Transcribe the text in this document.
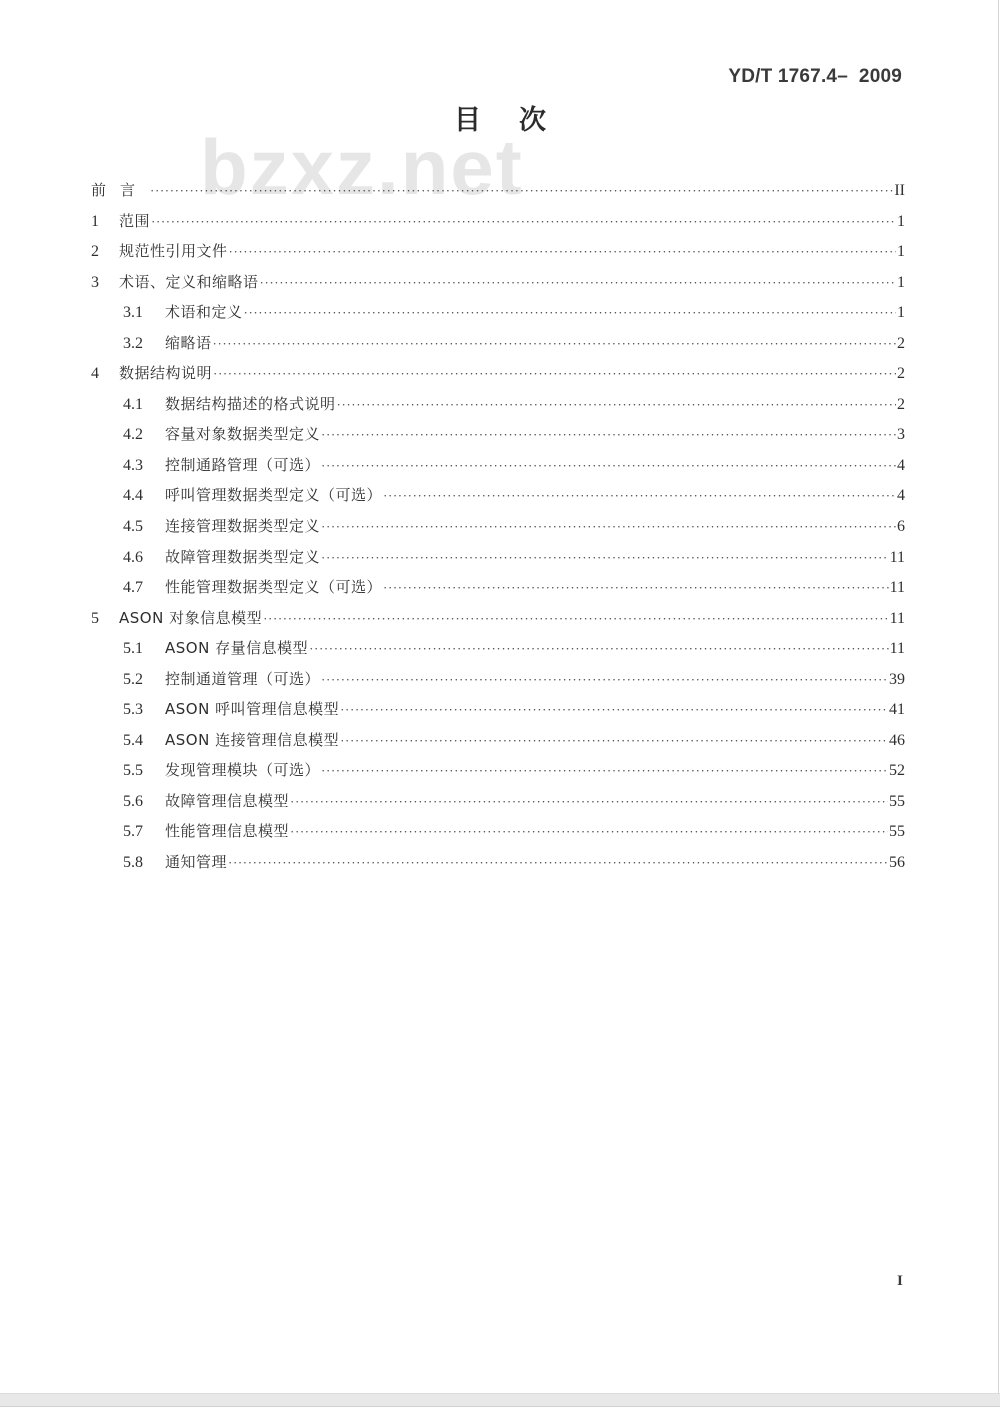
YD/T 1767.4–  2009
目次
bzxz.net
前言 ·····	II
1	范围 ·····	1
2	规范性引用文件 ·····	1
3	术语、定义和缩略语 ·····	1
3.1	术语和定义 ·····	1
3.2	缩略语 ·····	2
4	数据结构说明 ·····	2
4.1	数据结构描述的格式说明 ·····	2
4.2	容量对象数据类型定义 ·····	3
4.3	控制通路管理（可选） ·····	4
4.4	呼叫管理数据类型定义（可选） ·····	4
4.5	连接管理数据类型定义 ·····	6
4.6	故障管理数据类型定义 ·····	11
4.7	性能管理数据类型定义（可选） ·····	11
5	ASON 对象信息模型 ·····	11
5.1	ASON 存量信息模型 ·····	11
5.2	控制通道管理（可选） ·····	39
5.3	ASON 呼叫管理信息模型 ·····	41
5.4	ASON 连接管理信息模型 ·····	46
5.5	发现管理模块（可选） ·····	52
5.6	故障管理信息模型 ·····	55
5.7	性能管理信息模型 ·····	55
5.8	通知管理 ·····	56
I
